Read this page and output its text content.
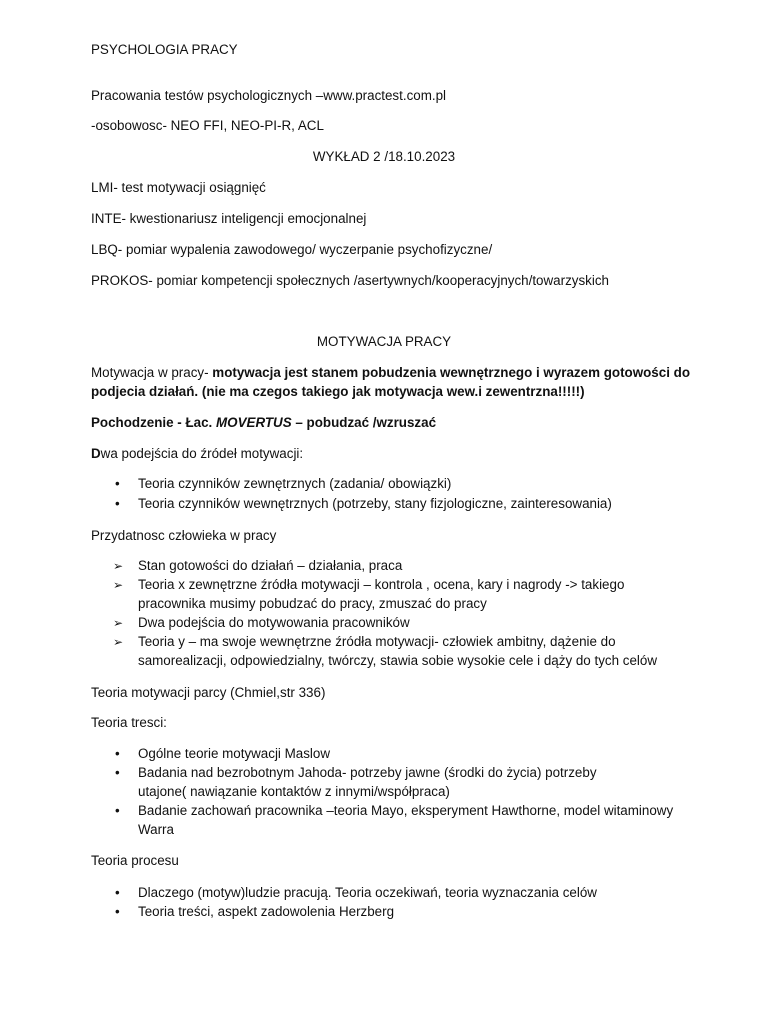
PSYCHOLOGIA PRACY
Pracowania testów psychologicznych –www.practest.com.pl
-osobowosc- NEO FFI, NEO-PI-R, ACL
WYKŁAD 2 /18.10.2023
LMI- test motywacji osiągnięć
INTE- kwestionariusz inteligencji emocjonalnej
LBQ- pomiar wypalenia zawodowego/ wyczerpanie psychofizyczne/
PROKOS- pomiar kompetencji społecznych /asertywnych/kooperacyjnych/towarzyskich
MOTYWACJA PRACY
Motywacja w pracy- motywacja jest stanem pobudzenia wewnętrznego i wyrazem gotowości do
podjecia działań. (nie ma czegos takiego jak motywacja wew.i zewentrzna!!!!!)
Pochodzenie - Łac. MOVERTUS – pobudzać /wzruszać
Dwa podejścia do źródeł motywacji:
• Teoria czynników zewnętrznych (zadania/ obowiązki)
• Teoria czynników wewnętrznych (potrzeby, stany fizjologiczne, zainteresowania)
Przydatnosc człowieka w pracy
➢ Stan gotowości do działań – działania, praca
➢ Teoria x zewnętrzne źródła motywacji – kontrola , ocena, kary i nagrody -> takiego
pracownika musimy pobudzać do pracy, zmuszać do pracy
➢ Dwa podejścia do motywowania pracowników
➢ Teoria y – ma swoje wewnętrzne źródła motywacji- człowiek ambitny, dążenie do
samorealizacji, odpowiedzialny, twórczy, stawia sobie wysokie cele i dąży do tych celów
Teoria motywacji parcy (Chmiel,str 336)
Teoria tresci:
• Ogólne teorie motywacji Maslow
• Badania nad bezrobotnym Jahoda- potrzeby jawne (środki do życia) potrzeby
utajone( nawiązanie kontaktów z innymi/współpraca)
• Badanie zachowań pracownika –teoria Mayo, eksperyment Hawthorne, model witaminowy
Warra
Teoria procesu
• Dlaczego (motyw)ludzie pracują. Teoria oczekiwań, teoria wyznaczania celów
• Teoria treści, aspekt zadowolenia Herzberg
